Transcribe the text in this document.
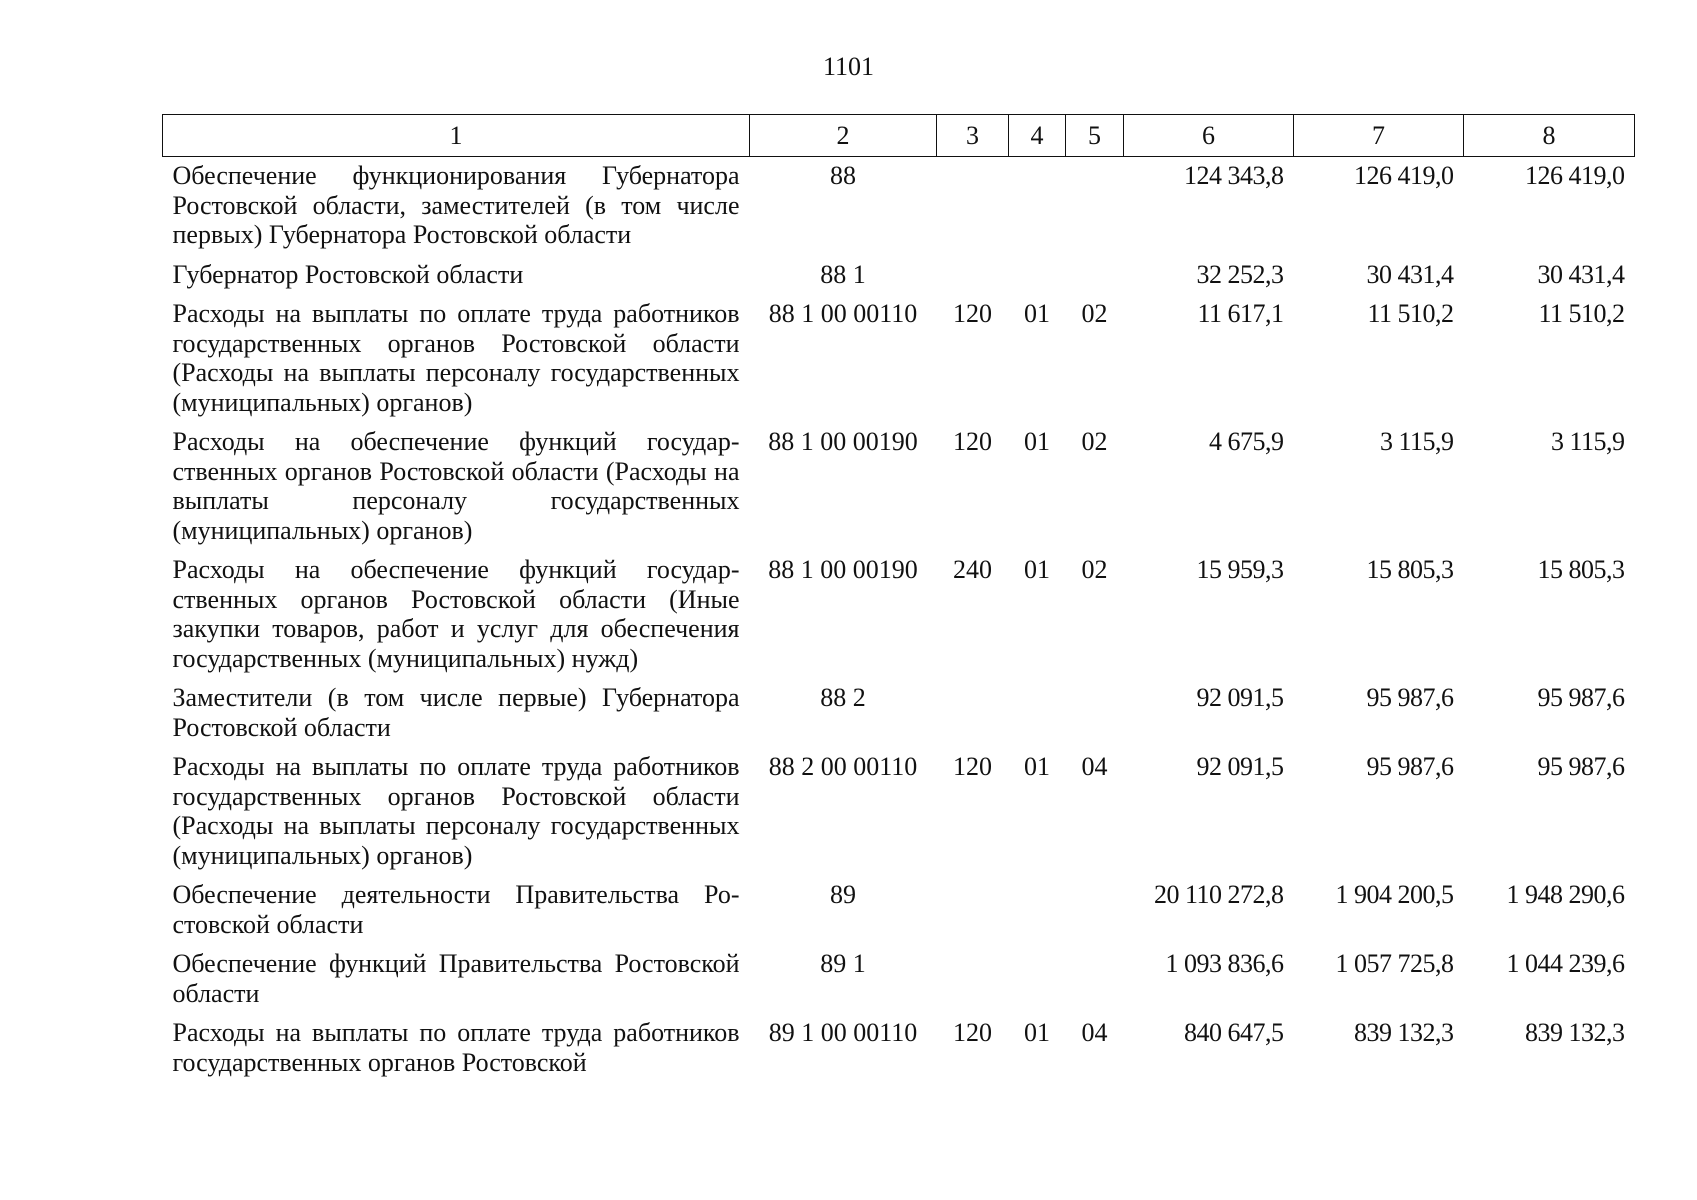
1101
1	2	3	4	5	6	7	8
Обеспечение функционирования Губернатора Ростовской области, заместителей (в том числе первых) Губернатора Ростовской области	88				124 343,8	126 419,0	126 419,0
Губернатор Ростовской области	88 1				32 252,3	30 431,4	30 431,4
Расходы на выплаты по оплате труда работников государственных органов Ростовской области (Расходы на выплаты персоналу государственных (муниципальных) органов)	88 1 00 00110	120	01	02	11 617,1	11 510,2	11 510,2
Расходы на обеспечение функций государственных органов Ростовской области (Расходы на выплаты персоналу государственных (муниципальных) органов)	88 1 00 00190	120	01	02	4 675,9	3 115,9	3 115,9
Расходы на обеспечение функций государственных органов Ростовской области (Иные закупки товаров, работ и услуг для обеспечения государственных (муниципальных) нужд)	88 1 00 00190	240	01	02	15 959,3	15 805,3	15 805,3
Заместители (в том числе первые) Губернатора Ростовской области	88 2				92 091,5	95 987,6	95 987,6
Расходы на выплаты по оплате труда работников государственных органов Ростовской области (Расходы на выплаты персоналу государственных (муниципальных) органов)	88 2 00 00110	120	01	04	92 091,5	95 987,6	95 987,6
Обеспечение деятельности Правительства Ростовской области	89				20 110 272,8	1 904 200,5	1 948 290,6
Обеспечение функций Правительства Ростовской области	89 1				1 093 836,6	1 057 725,8	1 044 239,6
Расходы на выплаты по оплате труда работников государственных органов Ростовской	89 1 00 00110	120	01	04	840 647,5	839 132,3	839 132,3
